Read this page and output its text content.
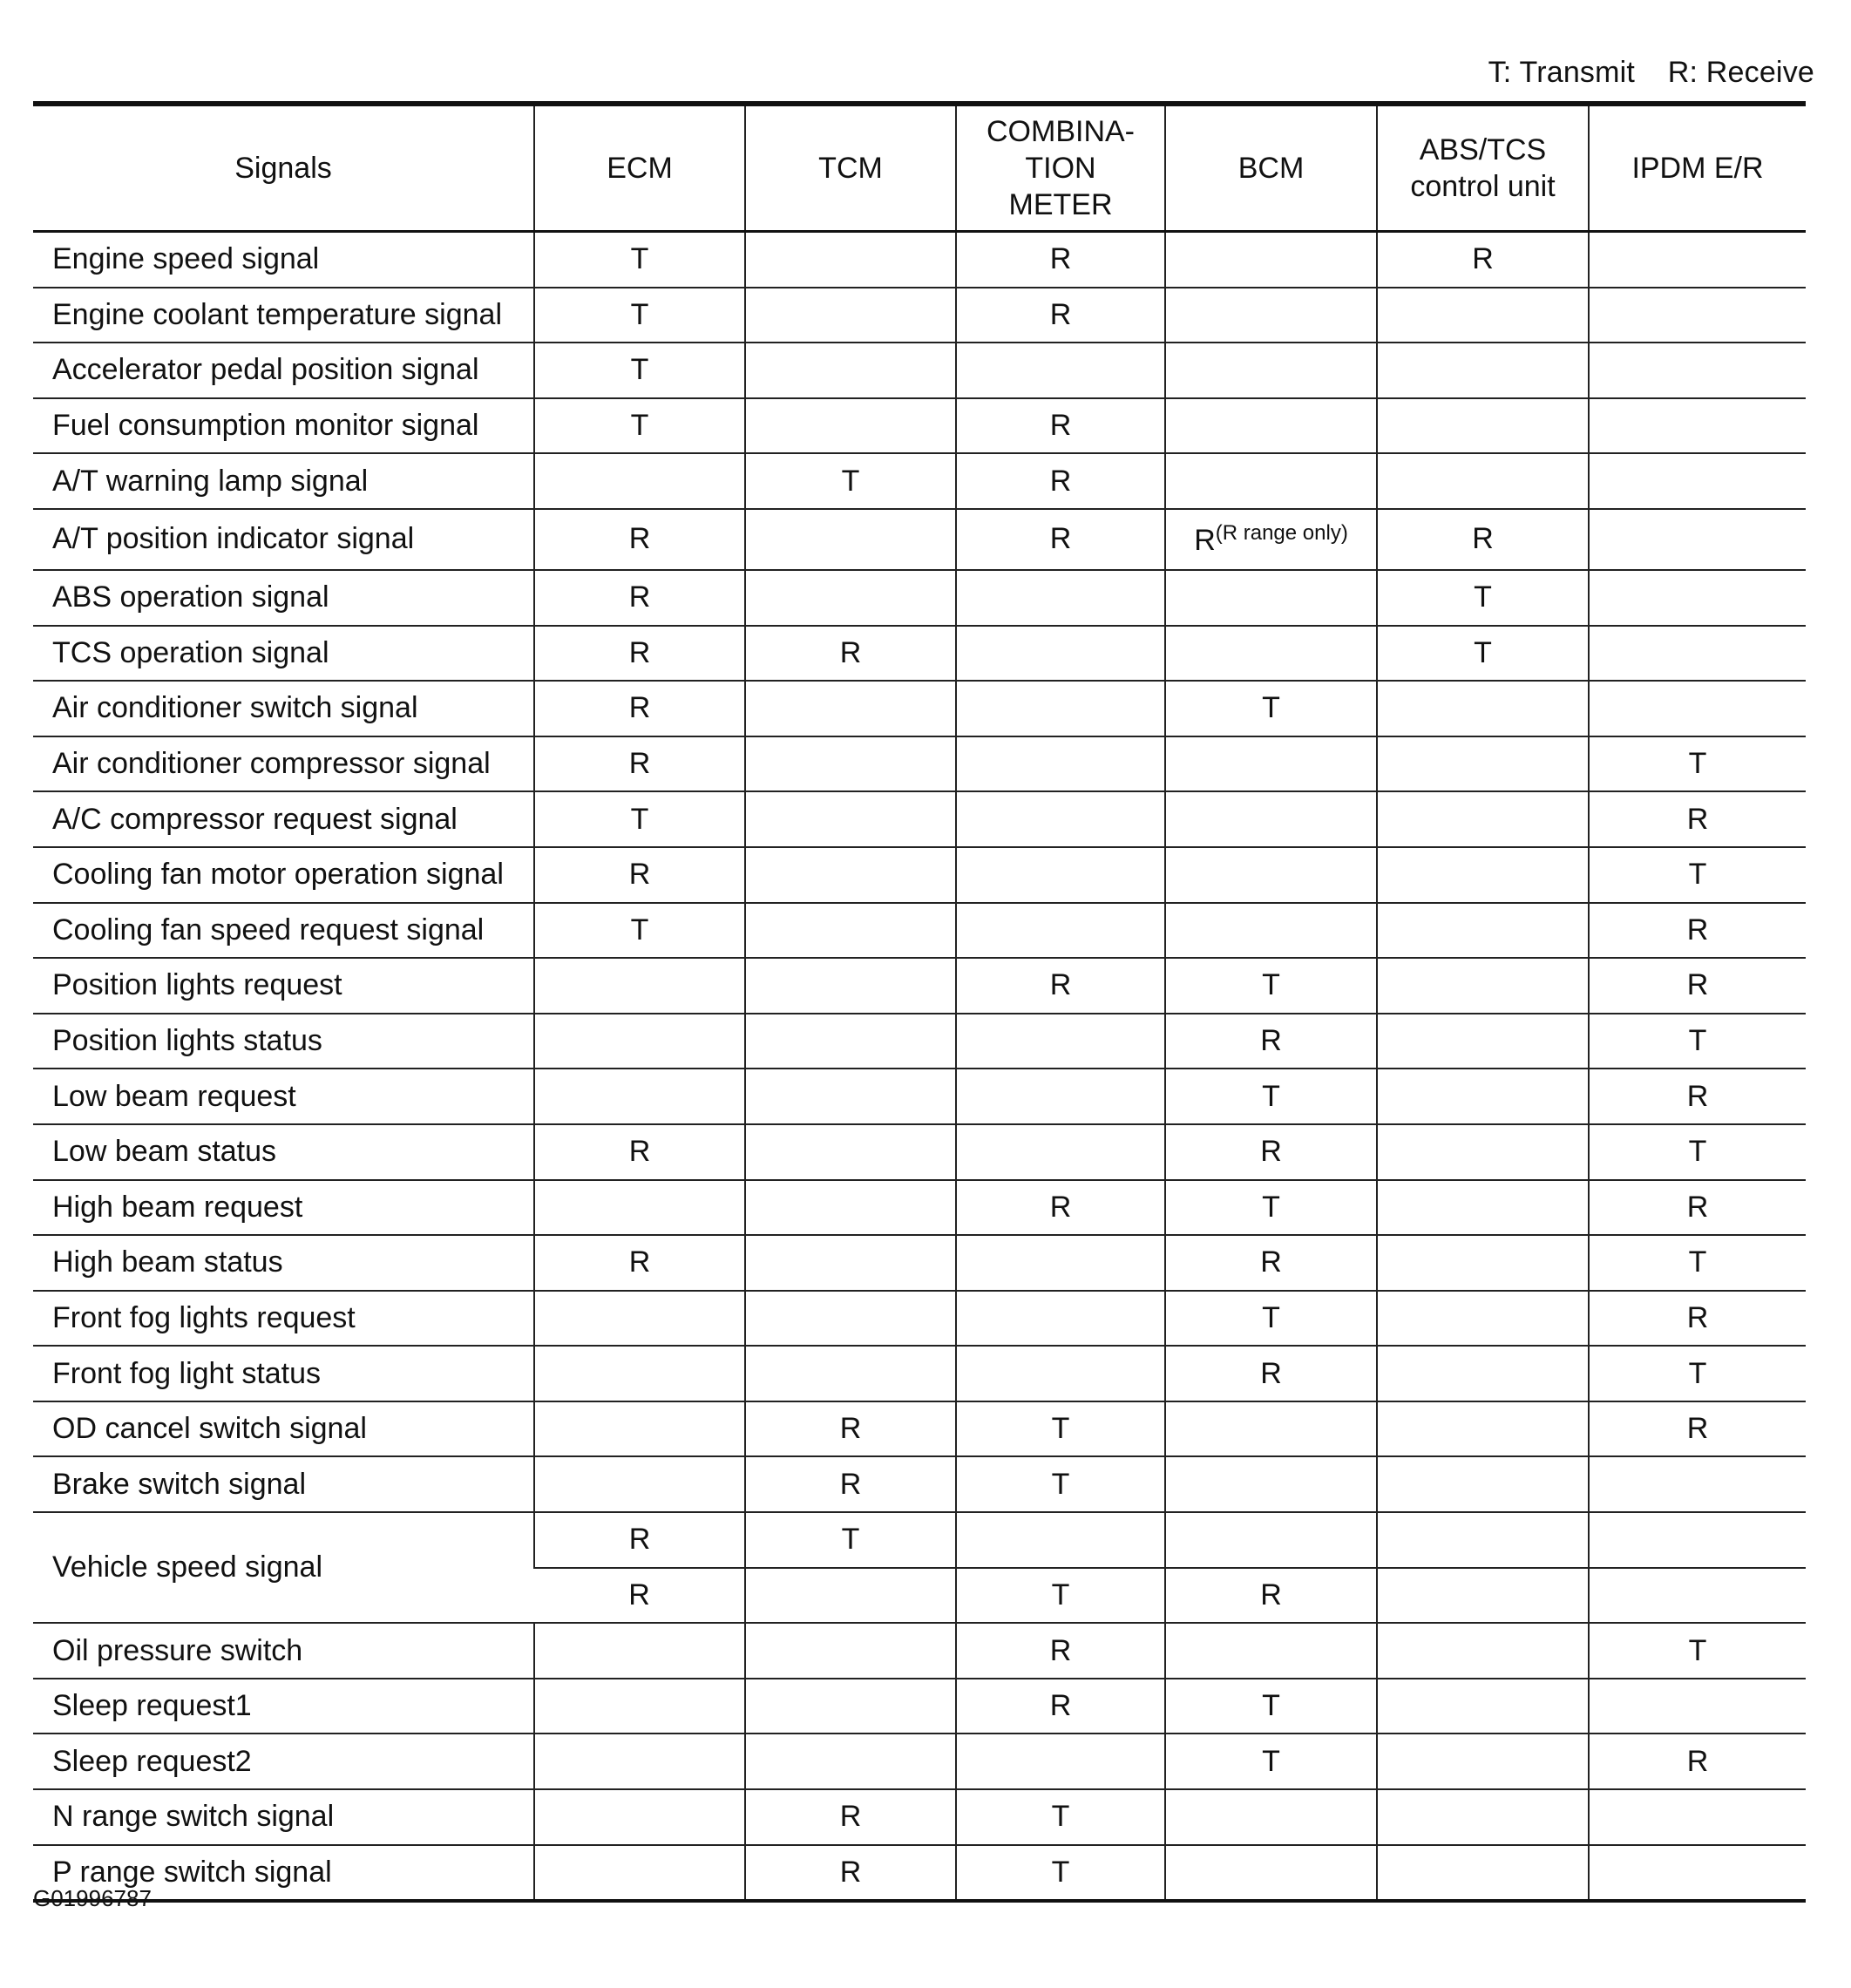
T: Transmit R: Receive
Signals	ECM	TCM	COMBINA-
TION
METER	BCM	ABS/TCS
control unit	IPDM E/R
Engine speed signal	T		R		R	
Engine coolant temperature signal	T		R			
Accelerator pedal position signal	T					
Fuel consumption monitor signal	T		R			
A/T warning lamp signal		T	R			
A/T position indicator signal	R		R	$R^{(R range only)}$	R	
ABS operation signal	R				T	
TCS operation signal	R	R			T	
Air conditioner switch signal	R			T		
Air conditioner compressor signal	R					T
A/C compressor request signal	T					R
Cooling fan motor operation signal	R					T
Cooling fan speed request signal	T					R
Position lights request			R	T		R
Position lights status				R		T
Low beam request				T		R
Low beam status	R			R		T
High beam request			R	T		R
High beam status	R			R		T
Front fog lights request				T		R
Front fog light status				R		T
OD cancel switch signal		R	T			R
Brake switch signal		R	T			
Vehicle speed signal	R	T				
	R		T	R		
Oil pressure switch			R			T
Sleep request1			R	T		
Sleep request2				T		R
N range switch signal		R	T			
P range switch signal		R	T			
G01996787
